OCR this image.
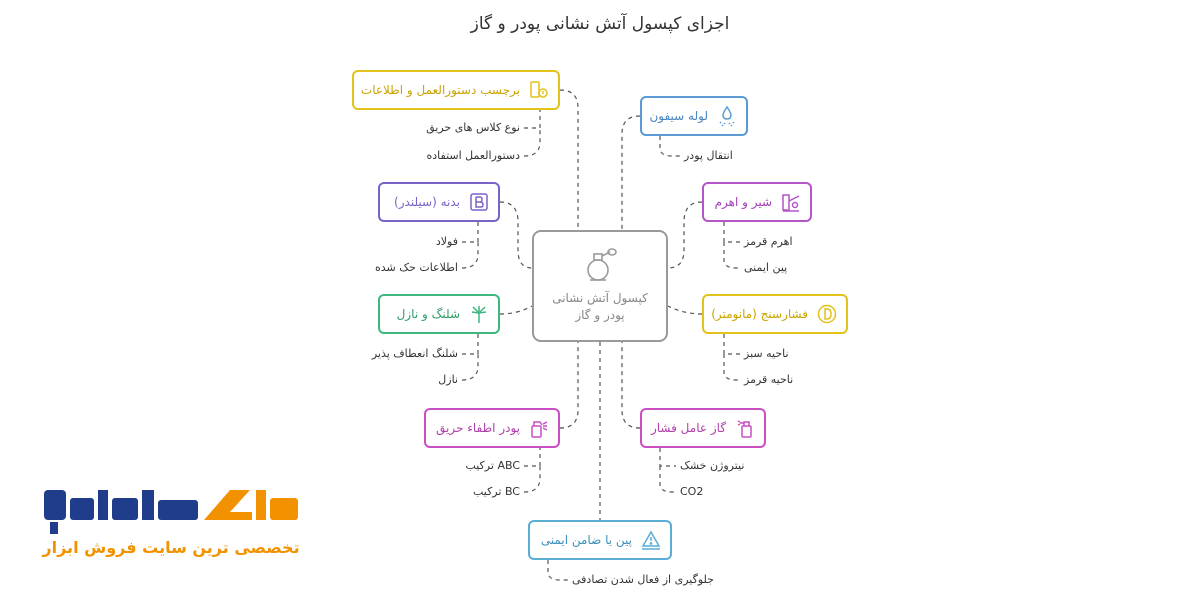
اجزای کپسول آتش نشانی پودر و گاز
کپسول آتش نشانی پودر و گاز
برچسب دستورالعمل و اطلاعات
نوع کلاس های حریق
دستورالعمل استفاده
بدنه (سیلندر)
فولاد
اطلاعات حک شده
شلنگ و نازل
شلنگ انعطاف پذیر
نازل
پودر اطفاء حریق
ABC ترکیب
BC ترکیب
پین یا ضامن ایمنی
جلوگیری از فعال شدن تصادفی
لوله سیفون
انتقال پودر
شیر و اهرم
اهرم قرمز
پین ایمنی
فشارسنج (مانومتر)
ناحیه سبز
ناحیه قرمز
گاز عامل فشار
نیتروژن خشک
CO2
تخصصی ترین سایت فروش ابزار
